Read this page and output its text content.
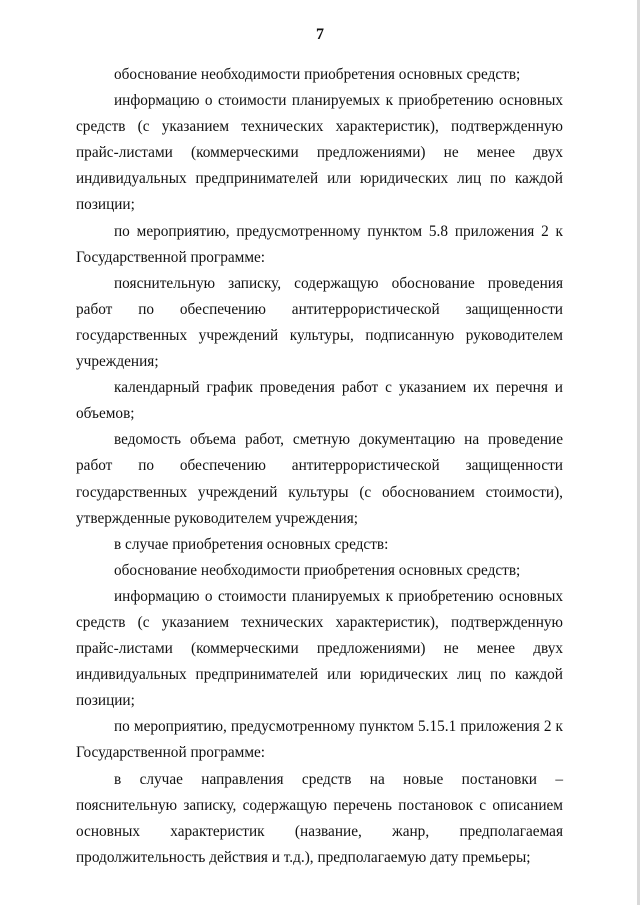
7

обоснование необходимости приобретения основных средств;

информацию о стоимости планируемых к приобретению основных средств (с указанием технических характеристик), подтвержденную прайс-листами (коммерческими предложениями) не менее двух индивидуальных предпринимателей или юридических лиц по каждой позиции;

по мероприятию, предусмотренному пунктом 5.8 приложения 2 к Государственной программе:

пояснительную записку, содержащую обоснование проведения работ по обеспечению антитеррористической защищенности государственных учреждений культуры, подписанную руководителем учреждения;

календарный график проведения работ с указанием их перечня и объемов;

ведомость объема работ, сметную документацию на проведение работ по обеспечению антитеррористической защищенности государственных учреждений культуры (с обоснованием стоимости), утвержденные руководителем учреждения;

в случае приобретения основных средств:

обоснование необходимости приобретения основных средств;

информацию о стоимости планируемых к приобретению основных средств (с указанием технических характеристик), подтвержденную прайс-листами (коммерческими предложениями) не менее двух индивидуальных предпринимателей или юридических лиц по каждой позиции;

по мероприятию, предусмотренному пунктом 5.15.1 приложения 2 к Государственной программе:

в случае направления средств на новые постановки – пояснительную записку, содержащую перечень постановок с описанием основных характеристик (название, жанр, предполагаемая продолжительность действия и т.д.), предполагаемую дату премьеры;
